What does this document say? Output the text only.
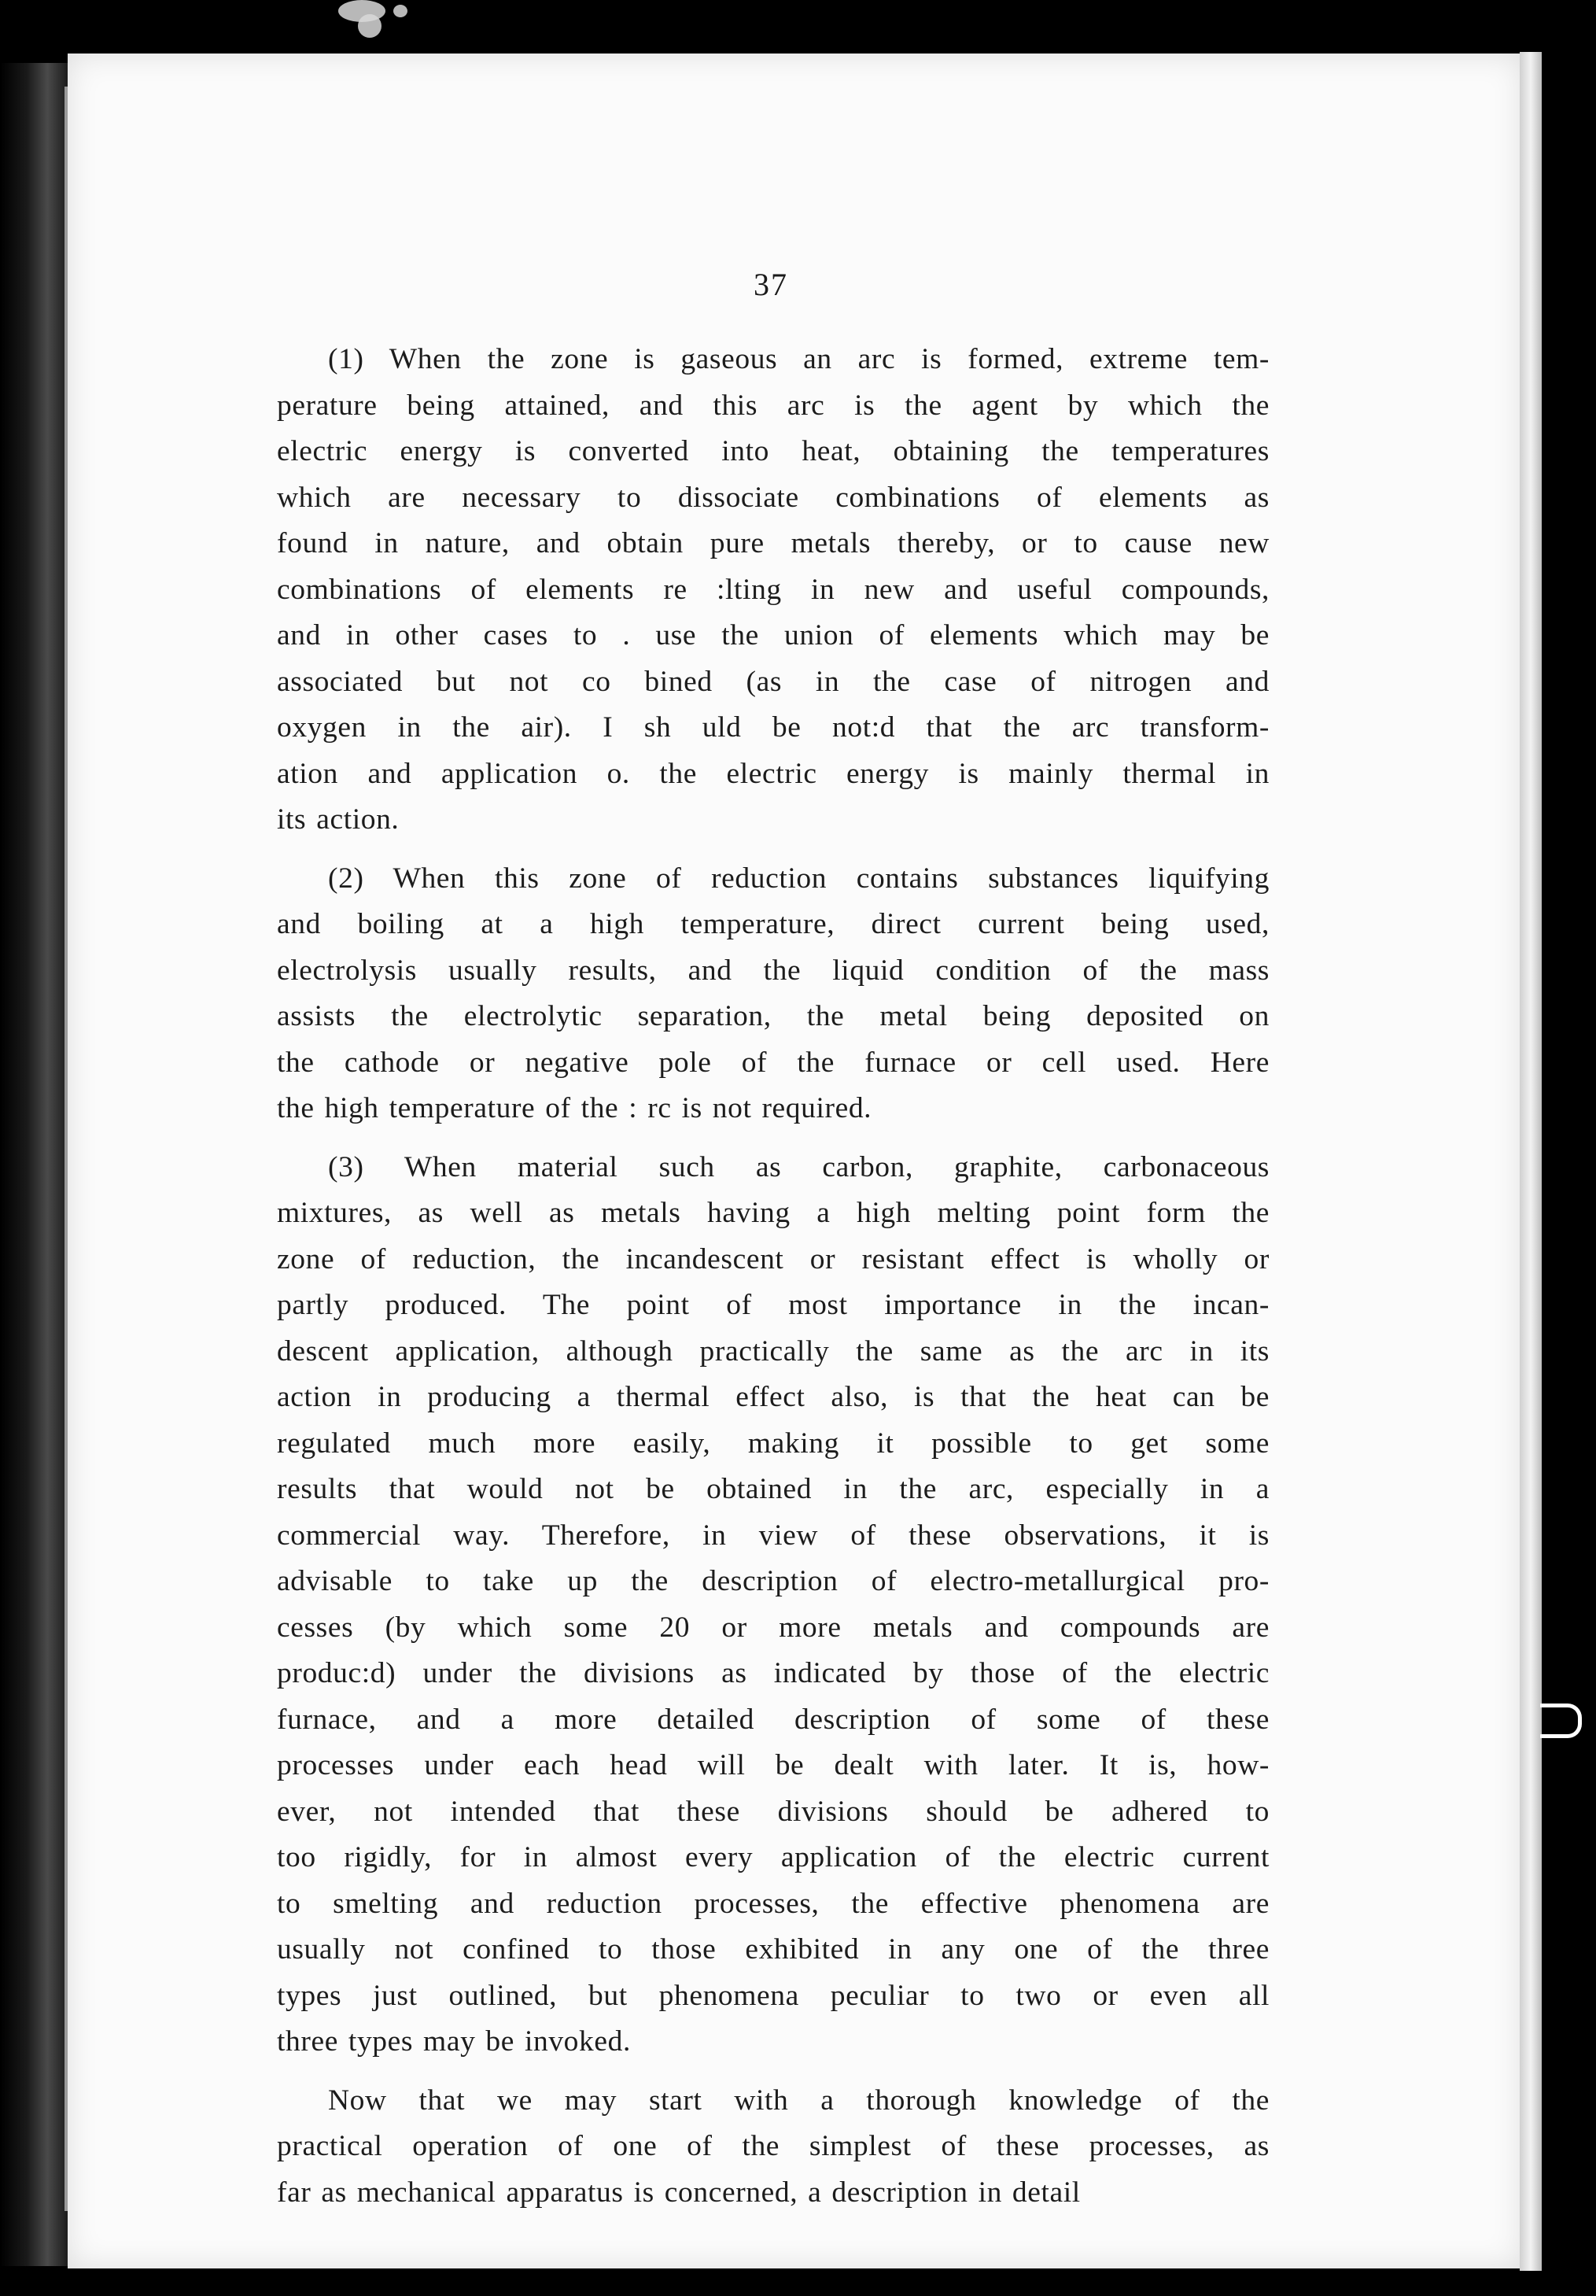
37
(1) When the zone is gaseous an arc is formed, extreme tem-
perature being attained, and this arc is the agent by which the
electric energy is converted into heat, obtaining the temperatures
which are necessary to dissociate combinations of elements as
found in nature, and obtain pure metals thereby, or to cause new
combinations of elements re :lting in new and useful compounds,
and in other cases to . use the union of elements which may be
associated but not co bined (as in the case of nitrogen and
oxygen in the air). I sh uld be not:d that the arc transform-
ation and application o. the electric energy is mainly thermal in
its action.
(2) When this zone of reduction contains substances liquifying
and boiling at a high temperature, direct current being used,
electrolysis usually results, and the liquid condition of the mass
assists the electrolytic separation, the metal being deposited on
the cathode or negative pole of the furnace or cell used. Here
the high temperature of the : rc is not required.
(3) When material such as carbon, graphite, carbonaceous
mixtures, as well as metals having a high melting point form the
zone of reduction, the incandescent or resistant effect is wholly or
partly produced. The point of most importance in the incan-
descent application, although practically the same as the arc in its
action in producing a thermal effect also, is that the heat can be
regulated much more easily, making it possible to get some
results that would not be obtained in the arc, especially in a
commercial way. Therefore, in view of these observations, it is
advisable to take up the description of electro-metallurgical pro-
cesses (by which some 20 or more metals and compounds are
produc:d) under the divisions as indicated by those of the electric
furnace, and a more detailed description of some of these
processes under each head will be dealt with later. It is, how-
ever, not intended that these divisions should be adhered to
too rigidly, for in almost every application of the electric current
to smelting and reduction processes, the effective phenomena are
usually not confined to those exhibited in any one of the three
types just outlined, but phenomena peculiar to two or even all
three types may be invoked.
Now that we may start with a thorough knowledge of the
practical operation of one of the simplest of these processes, as
far as mechanical apparatus is concerned, a description in detail
